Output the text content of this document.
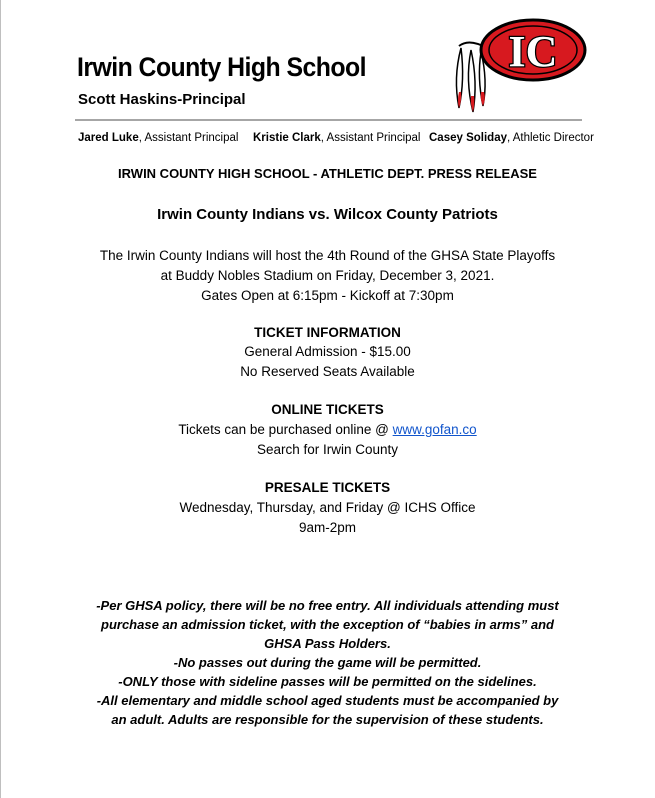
Irwin County High School
Scott Haskins-Principal
IC
Jared Luke, Assistant Principal Kristie Clark, Assistant Principal Casey Soliday, Athletic Director
IRWIN COUNTY HIGH SCHOOL - ATHLETIC DEPT. PRESS RELEASE
Irwin County Indians vs. Wilcox County Patriots
The Irwin County Indians will host the 4th Round of the GHSA State Playoffs
at Buddy Nobles Stadium on Friday, December 3, 2021.
Gates Open at 6:15pm - Kickoff at 7:30pm
TICKET INFORMATION
General Admission - $15.00
No Reserved Seats Available
ONLINE TICKETS
Tickets can be purchased online @ www.gofan.co
Search for Irwin County
PRESALE TICKETS
Wednesday, Thursday, and Friday @ ICHS Office
9am-2pm
-Per GHSA policy, there will be no free entry. All individuals attending must
purchase an admission ticket, with the exception of “babies in arms” and
GHSA Pass Holders.
-No passes out during the game will be permitted.
-ONLY those with sideline passes will be permitted on the sidelines.
-All elementary and middle school aged students must be accompanied by
an adult. Adults are responsible for the supervision of these students.
